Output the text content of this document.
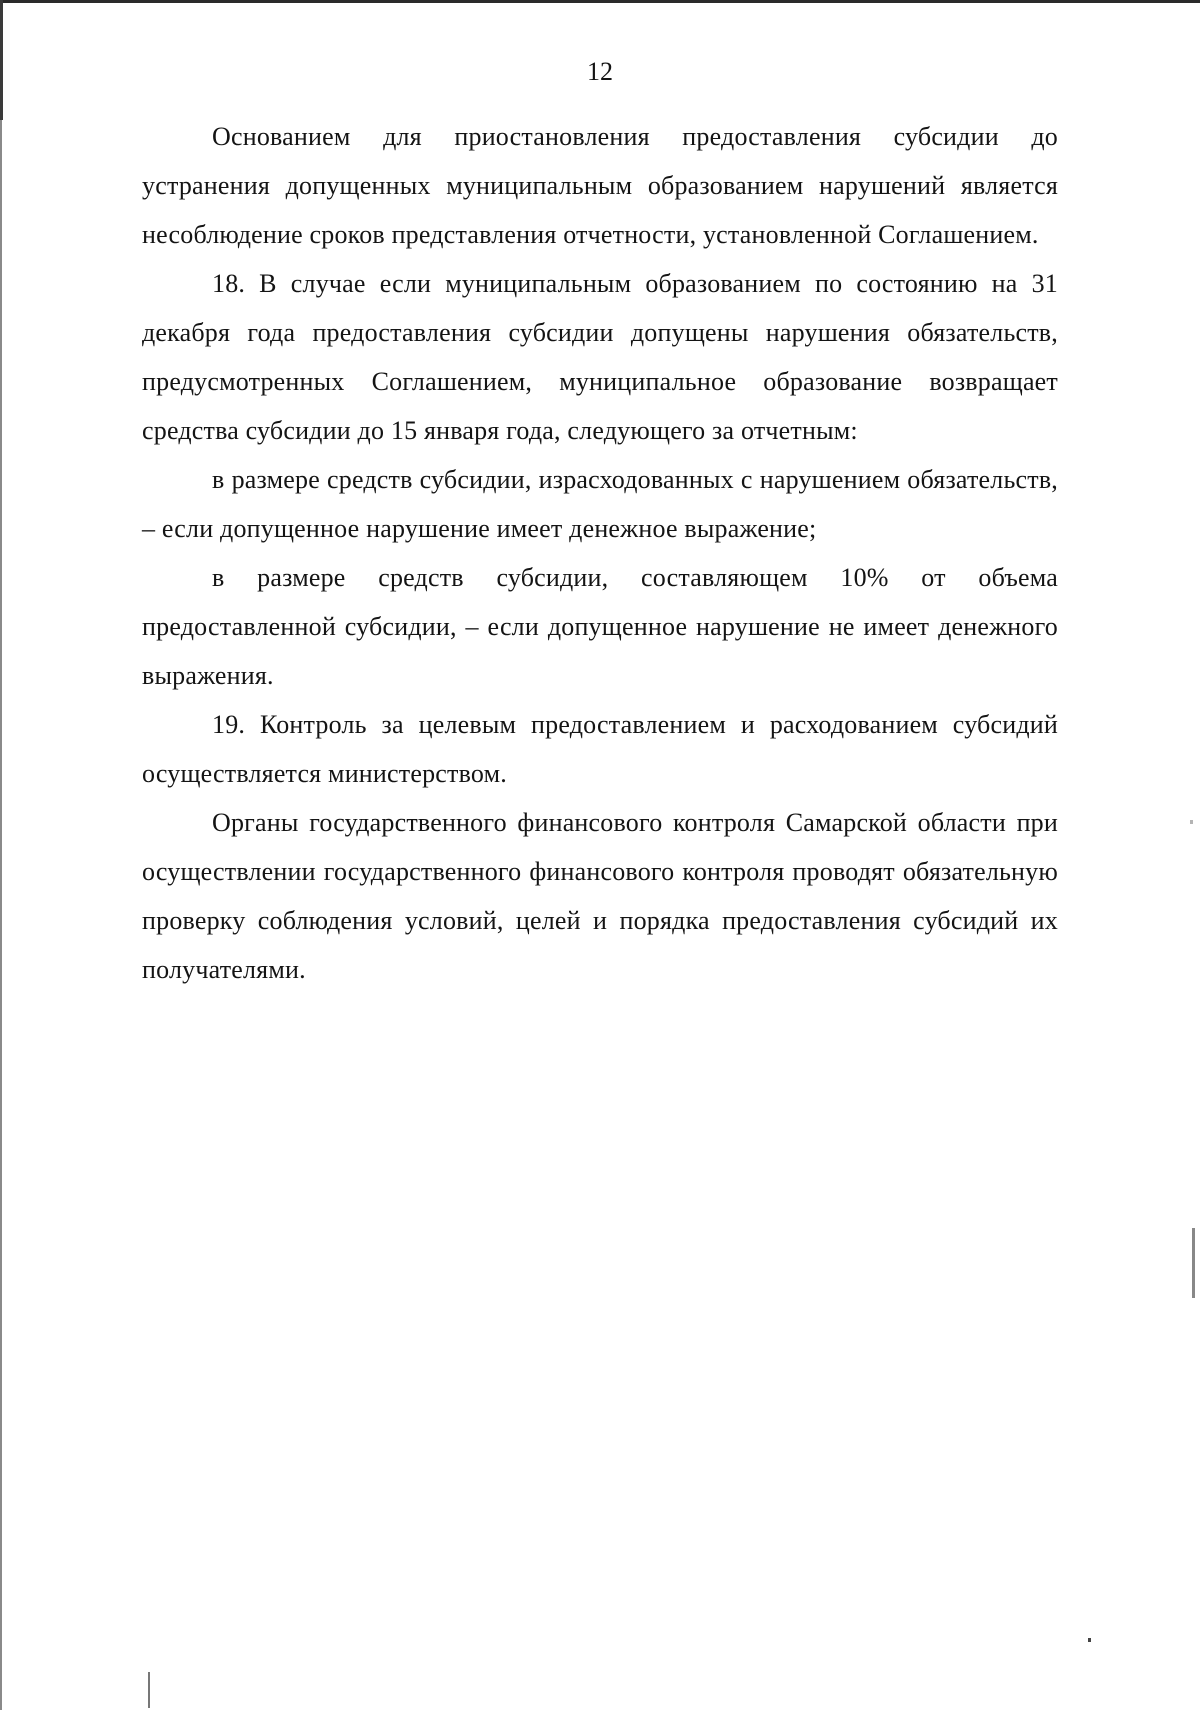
12

Основанием для приостановления предоставления субсидии до устранения допущенных муниципальным образованием нарушений является несоблюдение сроков представления отчетности, установленной Соглашением.

18. В случае если муниципальным образованием по состоянию на 31 декабря года предоставления субсидии допущены нарушения обязательств, предусмотренных Соглашением, муниципальное образование возвращает средства субсидии до 15 января года, следующего за отчетным:

в размере средств субсидии, израсходованных с нарушением обязательств, – если допущенное нарушение имеет денежное выражение;

в размере средств субсидии, составляющем 10% от объема предоставленной субсидии, – если допущенное нарушение не имеет денежного выражения.

19. Контроль за целевым предоставлением и расходованием субсидий осуществляется министерством.

Органы государственного финансового контроля Самарской области при осуществлении государственного финансового контроля проводят обязательную проверку соблюдения условий, целей и порядка предоставления субсидий их получателями.
